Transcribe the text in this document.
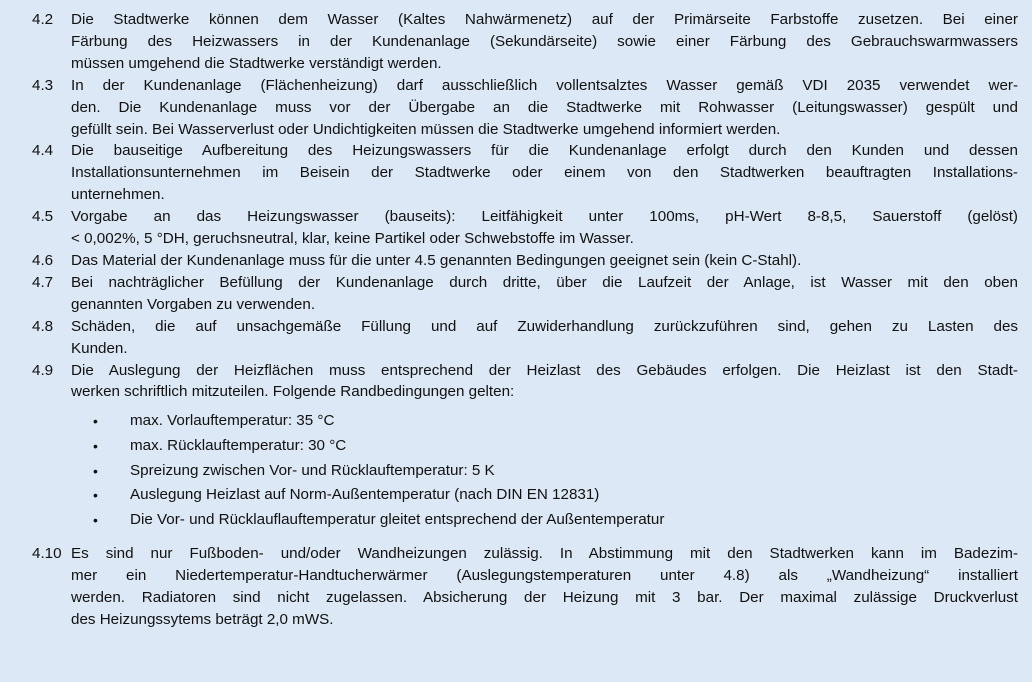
4.2	Die Stadtwerke können dem Wasser (Kaltes Nahwärmenetz) auf der Primärseite Farbstoffe zusetzen. Bei einer
Färbung des Heizwassers in der Kundenanlage (Sekundärseite) sowie einer Färbung des Gebrauchswarmwassers
müssen umgehend die Stadtwerke verständigt werden.
4.3	In der Kundenanlage (Flächenheizung) darf ausschließlich vollentsalztes Wasser gemäß VDI 2035 verwendet wer-
den. Die Kundenanlage muss vor der Übergabe an die Stadtwerke mit Rohwasser (Leitungswasser) gespült und
gefüllt sein. Bei Wasserverlust oder Undichtigkeiten müssen die Stadtwerke umgehend informiert werden.
4.4	Die bauseitige Aufbereitung des Heizungswassers für die Kundenanlage erfolgt durch den Kunden und dessen
Installationsunternehmen im Beisein der Stadtwerke oder einem von den Stadtwerken beauftragten Installations-
unternehmen.
4.5	Vorgabe an das Heizungswasser (bauseits): Leitfähigkeit unter 100ms, pH-Wert 8-8,5, Sauerstoff (gelöst)
< 0,002%, 5 °DH, geruchsneutral, klar, keine Partikel oder Schwebstoffe im Wasser.
4.6	Das Material der Kundenanlage muss für die unter 4.5 genannten Bedingungen geeignet sein (kein C-Stahl).
4.7	Bei nachträglicher Befüllung der Kundenanlage durch dritte, über die Laufzeit der Anlage, ist Wasser mit den oben
genannten Vorgaben zu verwenden.
4.8	Schäden, die auf unsachgemäße Füllung und auf Zuwiderhandlung zurückzuführen sind, gehen zu Lasten des
Kunden.
4.9	Die Auslegung der Heizflächen muss entsprechend der Heizlast des Gebäudes erfolgen. Die Heizlast ist den Stadt-
werken schriftlich mitzuteilen. Folgende Randbedingungen gelten:
•	max. Vorlauftemperatur: 35 °C
•	max. Rücklauftemperatur: 30 °C
•	Spreizung zwischen Vor- und Rücklauftemperatur: 5 K
•	Auslegung Heizlast auf Norm-Außentemperatur (nach DIN EN 12831)
•	Die Vor- und Rücklauflauftemperatur gleitet entsprechend der Außentemperatur
4.10 Es sind nur Fußboden- und/oder Wandheizungen zulässig. In Abstimmung mit den Stadtwerken kann im Badezim-
mer ein Niedertemperatur-Handtucherwärmer (Auslegungstemperaturen unter 4.8) als „Wandheizung“ installiert
werden. Radiatoren sind nicht zugelassen. Absicherung der Heizung mit 3 bar. Der maximal zulässige Druckverlust
des Heizungssytems beträgt 2,0 mWS.
